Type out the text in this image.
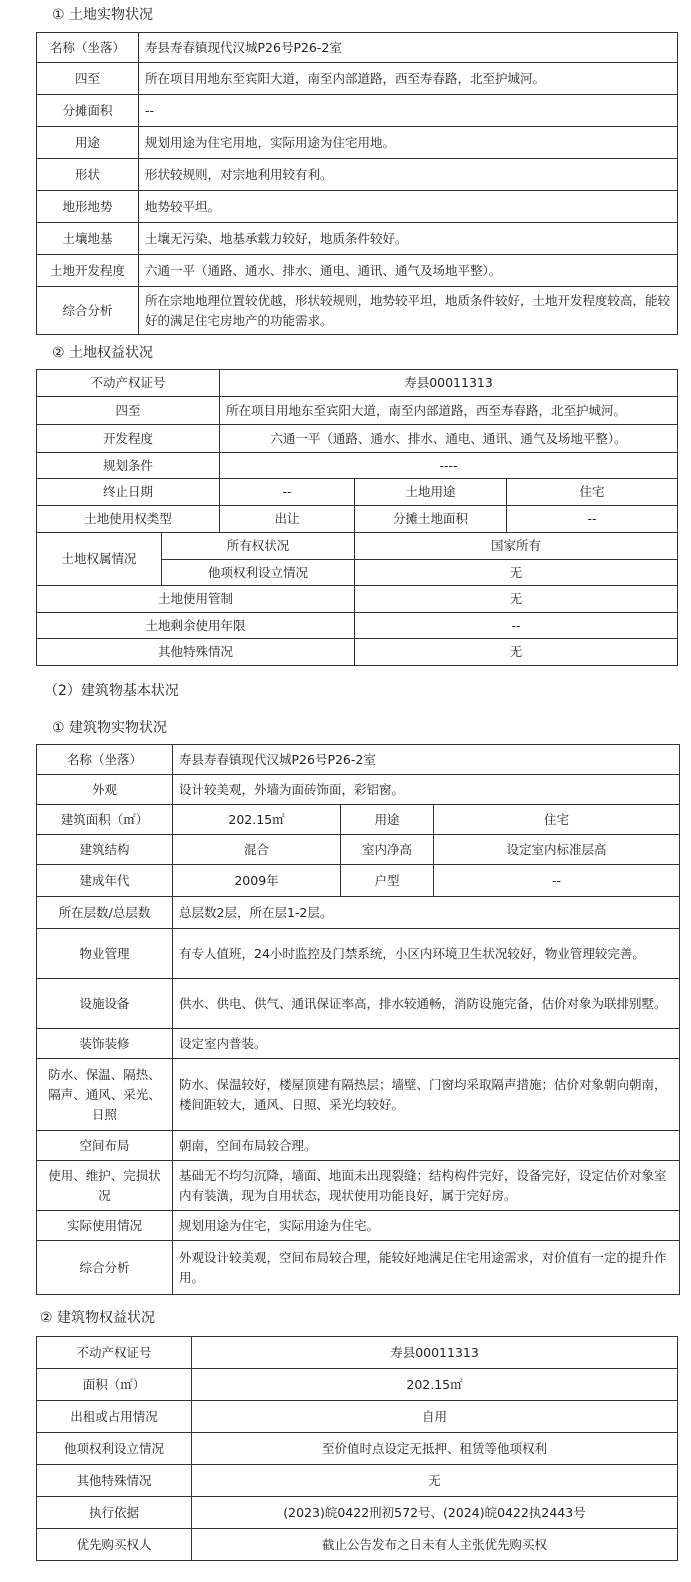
① 土地实物状况
名称（坐落）	寿县寿春镇现代汉城P26号P26-2室
四至	所在项目用地东至宾阳大道，南至内部道路，西至寿春路，北至护城河。
分摊面积	--
用途	规划用途为住宅用地，实际用途为住宅用地。
形状	形状较规则，对宗地利用较有利。
地形地势	地势较平坦。
土壤地基	土壤无污染、地基承载力较好，地质条件较好。
土地开发程度	六通一平（通路、通水、排水、通电、通讯、通气及场地平整）。
综合分析	所在宗地地理位置较优越，形状较规则，地势较平坦，地质条件较好，土地开发程度较高，能较好的满足住宅房地产的功能需求。
② 土地权益状况
不动产权证号		寿县00011313		
四至		所在项目用地东至宾阳大道，南至内部道路，西至寿春路，北至护城河。		
开发程度		六通一平（通路、通水、排水、通电、通讯、通气及场地平整）。		
规划条件		----		
终止日期		--	土地用途	住宅
土地使用权类型		出让	分摊土地面积	--
土地权属情况	所有权状况		国家所有	
	他项权利设立情况		无	
土地使用管制			无	
土地剩余使用年限			--	
其他特殊情况			无	
（2）建筑物基本状况
① 建筑物实物状况
名称（坐落）	寿县寿春镇现代汉城P26号P26-2室		
外观	设计较美观，外墙为面砖饰面，彩铝窗。		
建筑面积（㎡）	202.15㎡	用途	住宅
建筑结构	混合	室内净高	设定室内标准层高
建成年代	2009年	户型	--
所在层数/总层数	总层数2层，所在层1-2层。		
物业管理	有专人值班，24小时监控及门禁系统，小区内环境卫生状况较好，物业管理较完善。		
设施设备	供水、供电、供气、通讯保证率高，排水较通畅，消防设施完备，估价对象为联排别墅。		
装饰装修	设定室内普装。		
防水、保温、隔热、隔声、通风、采光、日照	防水、保温较好，楼屋顶建有隔热层；墙壁、门窗均采取隔声措施；估价对象朝向朝南，楼间距较大，通风、日照、采光均较好。		
空间布局	朝南，空间布局较合理。		
使用、维护、完损状况	基础无不均匀沉降，墙面、地面未出现裂缝；结构构件完好，设备完好，设定估价对象室内有装潢，现为自用状态，现状使用功能良好，属于完好房。		
实际使用情况	规划用途为住宅，实际用途为住宅。		
综合分析	外观设计较美观，空间布局较合理，能较好地满足住宅用途需求，对价值有一定的提升作用。		
② 建筑物权益状况
不动产权证号	寿县00011313
面积（㎡）	202.15㎡
出租或占用情况	自用
他项权利设立情况	至价值时点设定无抵押、租赁等他项权利
其他特殊情况	无
执行依据	(2023)皖0422刑初572号、(2024)皖0422执2443号
优先购买权人	截止公告发布之日未有人主张优先购买权
